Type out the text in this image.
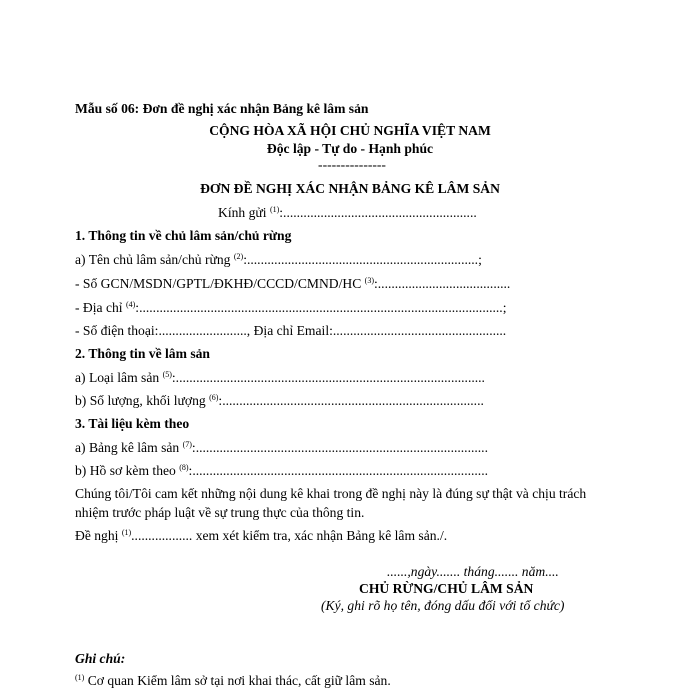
Mẫu số 06: Đơn đề nghị xác nhận Bảng kê lâm sản
CỘNG HÒA XÃ HỘI CHỦ NGHĨA VIỆT NAM
Độc lập - Tự do - Hạnh phúc
---------------
ĐƠN ĐỀ NGHỊ XÁC NHẬN BẢNG KÊ LÂM SẢN
Kính gửi $^{(1)}$:.........................................................
1. Thông tin về chủ lâm sản/chủ rừng
a) Tên chủ lâm sản/chủ rừng $^{(2)}$:....................................................................;
- Số GCN/MSDN/GPTL/ĐKHĐ/CCCD/CMND/HC $^{(3)}$:.......................................
- Địa chỉ $^{(4)}$:...........................................................................................................;
- Số điện thoại:.........................., Địa chỉ Email:...................................................
2. Thông tin về lâm sản
a) Loại lâm sản $^{(5)}$:...........................................................................................
b) Số lượng, khối lượng $^{(6)}$:.............................................................................
3. Tài liệu kèm theo
a) Bảng kê lâm sản $^{(7)}$:......................................................................................
b) Hồ sơ kèm theo $^{(8)}$:.......................................................................................
Chúng tôi/Tôi cam kết những nội dung kê khai trong đề nghị này là đúng sự thật và chịu trách
nhiệm trước pháp luật về sự trung thực của thông tin.
Đề nghị $^{(1)}$.................. xem xét kiểm tra, xác nhận Bảng kê lâm sản./.
......,ngày....... tháng....... năm....
CHỦ RỪNG/CHỦ LÂM SẢN
(Ký, ghi rõ họ tên, đóng dấu đối với tổ chức)
Ghi chú:
$^{(1)}$ Cơ quan Kiểm lâm sở tại nơi khai thác, cất giữ lâm sản.
